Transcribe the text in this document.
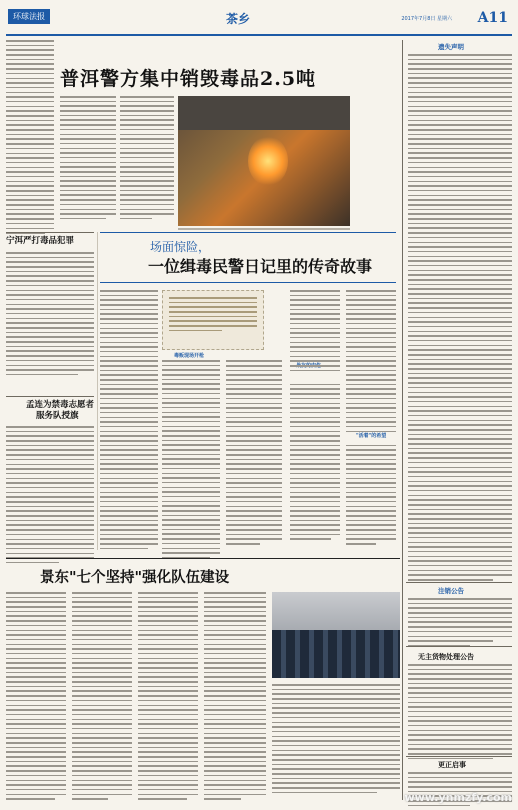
环球法报	茶乡	2017年7月8日 星期六 A11
普洱警方集中销毁毒品2.5吨
宁洱严打毒品犯罪
孟连为禁毒志愿者
服务队授旗
场面惊险，
一位缉毒民警日记里的传奇故事
毒贩现场开枪
"活着"的希望
景东"七个坚持"强化队伍建设
遗失声明
注销公告
无主货物处理公告
更正启事
www.ynmzfy.com
